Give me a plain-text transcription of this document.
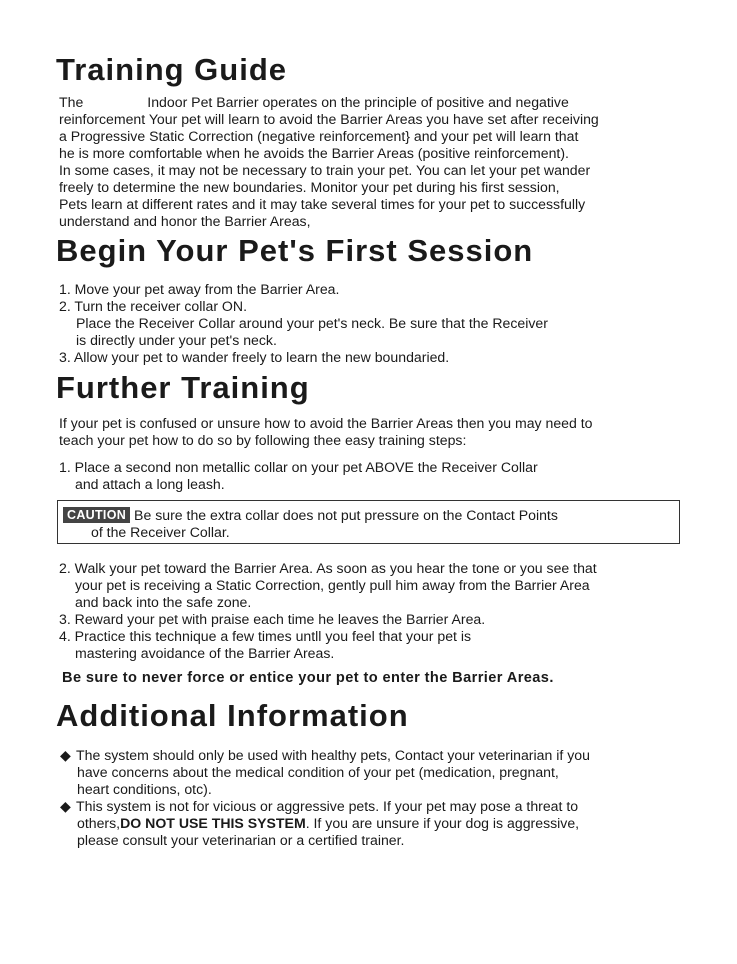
Training Guide
The	Indoor Pet Barrier operates on the principle of positive and negative
reinforcement Your pet will learn to avoid the Barrier Areas you have set after receiving
a Progressive Static Correction (negative reinforcement} and your pet will learn that
he is more comfortable when he avoids the Barrier Areas (positive reinforcement).
In some cases, it may not be necessary to train your pet. You can let your pet wander
freely to determine the new boundaries. Monitor your pet during his first session,
Pets learn at different rates and it may take several times for your pet to successfully
understand and honor the Barrier Areas,
Begin Your Pet's First Session
1. Move your pet away from the Barrier Area.
2. Turn the receiver collar ON.
Place the Receiver Collar around your pet's neck. Be sure that the Receiver
is directly under your pet's neck.
3. Allow your pet to wander freely to learn the new boundaried.
Further Training
If your pet is confused or unsure how to avoid the Barrier Areas then you may need to
teach your pet how to do so by following thee easy training steps:
1. Place a second non metallic collar on your pet ABOVE the Receiver Collar
and attach a long leash.
CAUTION Be sure the extra collar does not put pressure on the Contact Points
of the Receiver Collar.
2. Walk your pet toward the Barrier Area. As soon as you hear the tone or you see that
your pet is receiving a Static Correction, gently pull him away from the Barrier Area
and back into the safe zone.
3. Reward your pet with praise each time he leaves the Barrier Area.
4. Practice this technique a few times untll you feel that your pet is
mastering avoidance of the Barrier Areas.
Be sure to never force or entice your pet to enter the Barrier Areas.
Additional Information
◆ The system should only be used with healthy pets, Contact your veterinarian if you
have concerns about the medical condition of your pet (medication, pregnant,
heart conditions, otc).
◆ This system is not for vicious or aggressive pets. If your pet may pose a threat to
others,DO NOT USE THIS SYSTEM. If you are unsure if your dog is aggressive,
please consult your veterinarian or a certified trainer.
